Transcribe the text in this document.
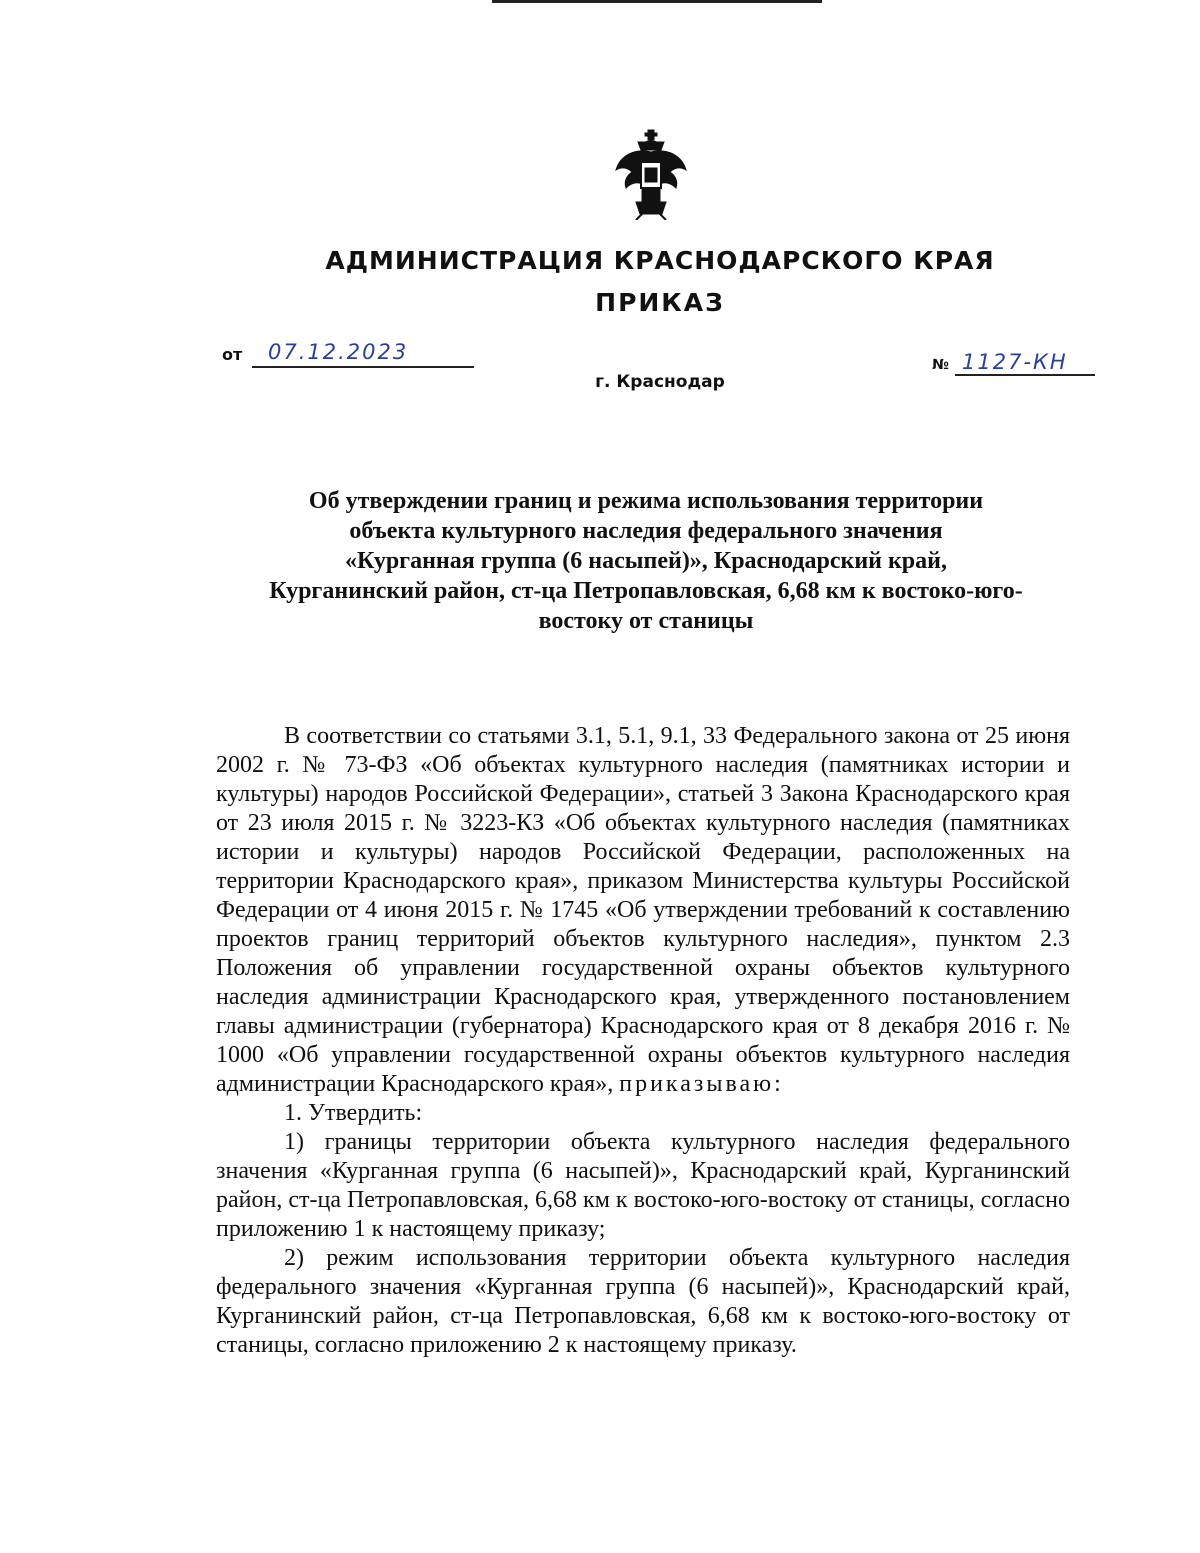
АДМИНИСТРАЦИЯ КРАСНОДАРСКОГО КРАЯ
ПРИКАЗ
от 07.12.2023
г. Краснодар
№ 1127-КН
Об утверждении границ и режима использования территории
объекта культурного наследия федерального значения
«Курганная группа (6 насыпей)», Краснодарский край,
Курганинский район, ст-ца Петропавловская, 6,68 км к востоко-юго-
востоку от станицы

В соответствии со статьями 3.1, 5.1, 9.1, 33 Федерального закона от 25 июня 2002 г. № 73-ФЗ «Об объектах культурного наследия (памятниках истории и культуры) народов Российской Федерации», статьей 3 Закона Краснодарского края от 23 июля 2015 г. № 3223-КЗ «Об объектах культурного наследия (памятниках истории и культуры) народов Российской Федерации, расположенных на территории Краснодарского края», приказом Министерства культуры Российской Федерации от 4 июня 2015 г. № 1745 «Об утверждении требований к составлению проектов границ территорий объектов культурного наследия», пунктом 2.3 Положения об управлении государственной охраны объектов культурного наследия администрации Краснодарского края, утвержденного постановлением главы администрации (губернатора) Краснодарского края от 8 декабря 2016 г. № 1000 «Об управлении государственной охраны объектов культурного наследия администрации Краснодарского края», приказываю:

1. Утвердить:

1) границы территории объекта культурного наследия федерального значения «Курганная группа (6 насыпей)», Краснодарский край, Курганинский район, ст-ца Петропавловская, 6,68 км к востоко-юго-востоку от станицы, согласно приложению 1 к настоящему приказу;

2) режим использования территории объекта культурного наследия федерального значения «Курганная группа (6 насыпей)», Краснодарский край, Курганинский район, ст-ца Петропавловская, 6,68 км к востоко-юго-востоку от станицы, согласно приложению 2 к настоящему приказу.
